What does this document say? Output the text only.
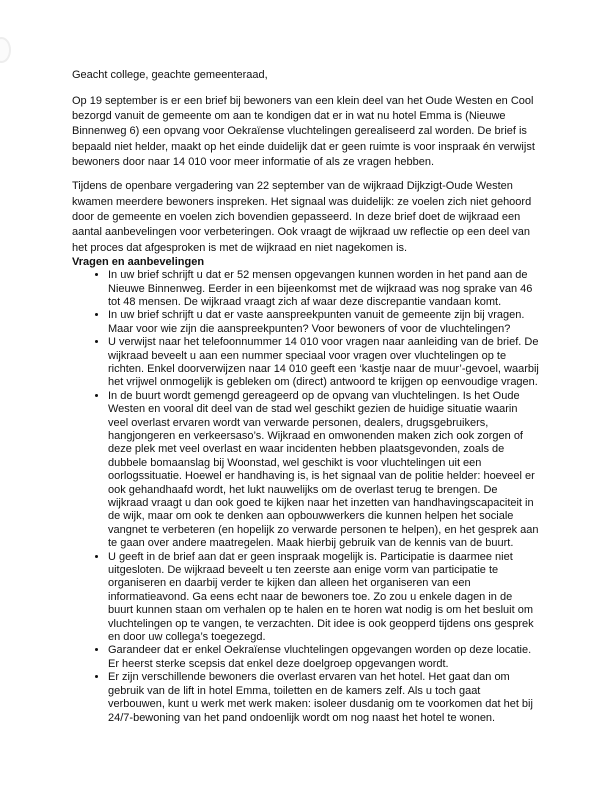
Geacht college, geachte gemeenteraad,

Op 19 september is er een brief bij bewoners van een klein deel van het Oude Westen en Cool bezorgd vanuit de gemeente om aan te kondigen dat er in wat nu hotel Emma is (Nieuwe Binnenweg 6) een opvang voor Oekraïense vluchtelingen gerealiseerd zal worden. De brief is bepaald niet helder, maakt op het einde duidelijk dat er geen ruimte is voor inspraak én verwijst bewoners door naar 14 010 voor meer informatie of als ze vragen hebben.

Tijdens de openbare vergadering van 22 september van de wijkraad Dijkzigt-Oude Westen kwamen meerdere bewoners inspreken. Het signaal was duidelijk: ze voelen zich niet gehoord door de gemeente en voelen zich bovendien gepasseerd. In deze brief doet de wijkraad een aantal aanbevelingen voor verbeteringen. Ook vraagt de wijkraad uw reflectie op een deel van het proces dat afgesproken is met de wijkraad en niet nagekomen is.

Vragen en aanbevelingen

• In uw brief schrijft u dat er 52 mensen opgevangen kunnen worden in het pand aan de Nieuwe Binnenweg. Eerder in een bijeenkomst met de wijkraad was nog sprake van 46 tot 48 mensen. De wijkraad vraagt zich af waar deze discrepantie vandaan komt.
• In uw brief schrijft u dat er vaste aanspreekpunten vanuit de gemeente zijn bij vragen. Maar voor wie zijn die aanspreekpunten? Voor bewoners of voor de vluchtelingen?
• U verwijst naar het telefoonnummer 14 010 voor vragen naar aanleiding van de brief. De wijkraad beveelt u aan een nummer speciaal voor vragen over vluchtelingen op te richten. Enkel doorverwijzen naar 14 010 geeft een ‘kastje naar de muur’-gevoel, waarbij het vrijwel onmogelijk is gebleken om (direct) antwoord te krijgen op eenvoudige vragen.
• In de buurt wordt gemengd gereageerd op de opvang van vluchtelingen. Is het Oude Westen en vooral dit deel van de stad wel geschikt gezien de huidige situatie waarin veel overlast ervaren wordt van verwarde personen, dealers, drugsgebruikers, hangjongeren en verkeersaso’s. Wijkraad en omwonenden maken zich ook zorgen of deze plek met veel overlast en waar incidenten hebben plaatsgevonden, zoals de dubbele bomaanslag bij Woonstad, wel geschikt is voor vluchtelingen uit een oorlogssituatie. Hoewel er handhaving is, is het signaal van de politie helder: hoeveel er ook gehandhaafd wordt, het lukt nauwelijks om de overlast terug te brengen. De wijkraad vraagt u dan ook goed te kijken naar het inzetten van handhavingscapaciteit in de wijk, maar om ook te denken aan opbouwwerkers die kunnen helpen het sociale vangnet te verbeteren (en hopelijk zo verwarde personen te helpen), en het gesprek aan te gaan over andere maatregelen. Maak hierbij gebruik van de kennis van de buurt.
• U geeft in de brief aan dat er geen inspraak mogelijk is. Participatie is daarmee niet uitgesloten. De wijkraad beveelt u ten zeerste aan enige vorm van participatie te organiseren en daarbij verder te kijken dan alleen het organiseren van een informatieavond. Ga eens echt naar de bewoners toe. Zo zou u enkele dagen in de buurt kunnen staan om verhalen op te halen en te horen wat nodig is om het besluit om vluchtelingen op te vangen, te verzachten. Dit idee is ook geopperd tijdens ons gesprek en door uw collega’s toegezegd.
• Garandeer dat er enkel Oekraïense vluchtelingen opgevangen worden op deze locatie. Er heerst sterke scepsis dat enkel deze doelgroep opgevangen wordt.
• Er zijn verschillende bewoners die overlast ervaren van het hotel. Het gaat dan om gebruik van de lift in hotel Emma, toiletten en de kamers zelf. Als u toch gaat verbouwen, kunt u werk met werk maken: isoleer dusdanig om te voorkomen dat het bij 24/7-bewoning van het pand ondoenlijk wordt om nog naast het hotel te wonen.
